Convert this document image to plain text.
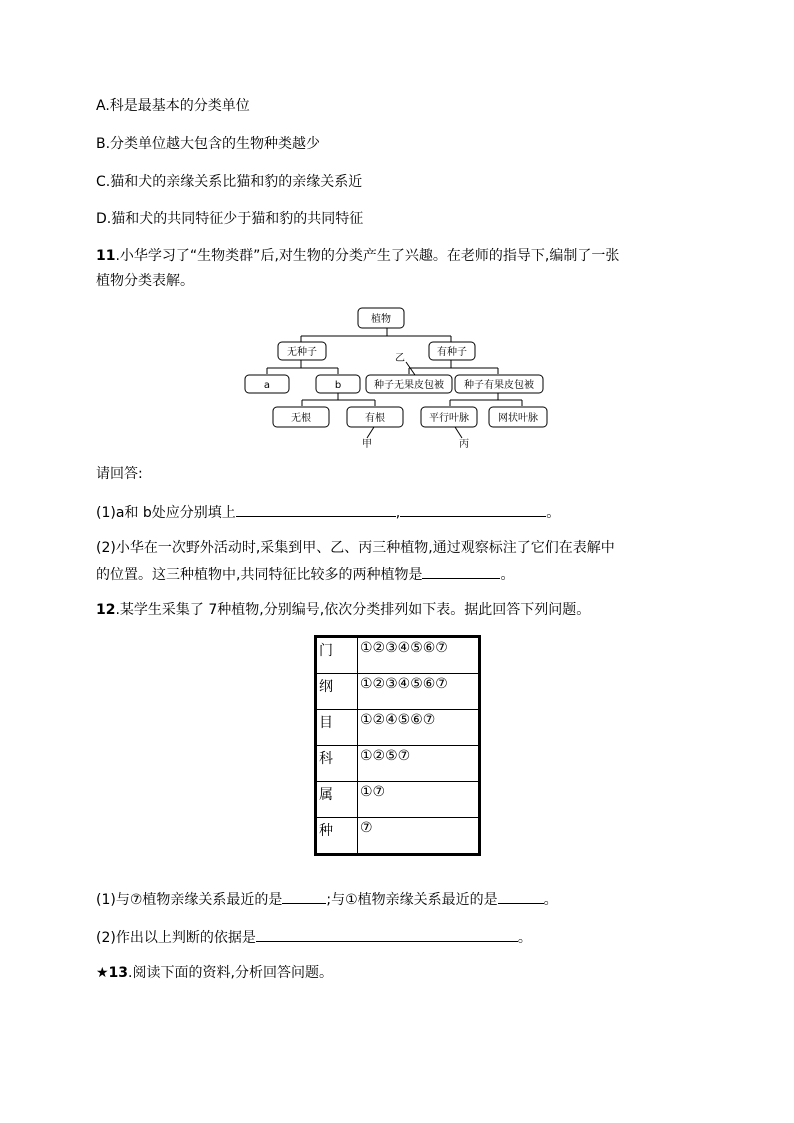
A.科是最基本的分类单位
B.分类单位越大包含的生物种类越少
C.猫和犬的亲缘关系比猫和豹的亲缘关系近
D.猫和犬的共同特征少于猫和豹的共同特征
11.小华学习了“生物类群”后,对生物的分类产生了兴趣。在老师的指导下,编制了一张
植物分类表解。
植物
无种子	有种子
a	b	种子无果皮包被 种子有果皮包被
无根	有根	平行叶脉	网状叶脉
乙
甲	丙
请回答:
(1)a和 b处应分别填上	,	。
(2)小华在一次野外活动时,采集到甲、乙、丙三种植物,通过观察标注了它们在表解中
的位置。这三种植物中,共同特征比较多的两种植物是	。
12.某学生采集了 7种植物,分别编号,依次分类排列如下表。据此回答下列问题。
门	①②③④⑤⑥⑦
纲	①②③④⑤⑥⑦
目	①②④⑤⑥⑦
科	①②⑤⑦
属	①⑦
种	⑦
(1)与⑦植物亲缘关系最近的是	;与①植物亲缘关系最近的是	。
(2)作出以上判断的依据是	。
★13.阅读下面的资料,分析回答问题。
